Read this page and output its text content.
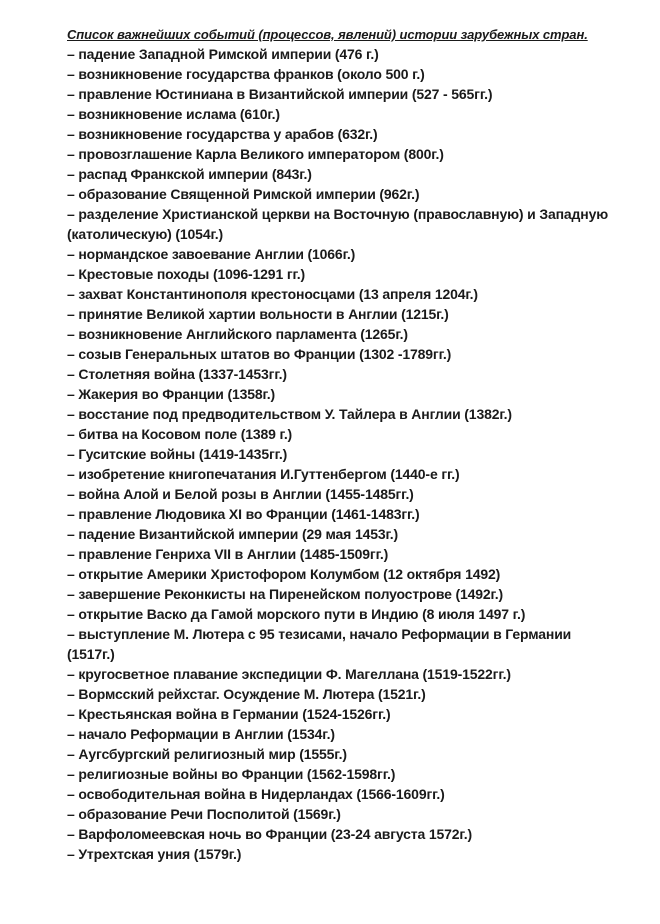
Список важнейших событий (процессов, явлений) истории зарубежных стран.
– падение Западной Римской империи (476 г.)
– возникновение государства франков (около 500 г.)
– правление Юстиниана в Византийской империи (527 - 565гг.)
– возникновение ислама (610г.)
– возникновение государства у арабов (632г.)
– провозглашение Карла Великого императором (800г.)
– распад Франкской империи (843г.)
– образование Священной Римской империи (962г.)
– разделение Христианской церкви на Восточную (православную) и Западную
(католическую) (1054г.)
– нормандское завоевание Англии (1066г.)
– Крестовые походы (1096-1291 гг.)
– захват Константинополя крестоносцами (13 апреля 1204г.)
– принятие Великой хартии вольности в Англии (1215г.)
– возникновение Английского парламента (1265г.)
– созыв Генеральных штатов во Франции (1302 -1789гг.)
– Столетняя война (1337-1453гг.)
– Жакерия во Франции (1358г.)
– восстание под предводительством У. Тайлера в Англии (1382г.)
– битва на Косовом поле (1389 г.)
– Гуситские войны (1419-1435гг.)
– изобретение книгопечатания И.Гуттенбергом (1440-е гг.)
– война Алой и Белой розы в Англии (1455-1485гг.)
– правление Людовика XI во Франции (1461-1483гг.)
– падение Византийской империи (29 мая 1453г.)
– правление Генриха VII в Англии (1485-1509гг.)
– открытие Америки Христофором Колумбом (12 октября 1492)
– завершение Реконкисты на Пиренейском полуострове (1492г.)
– открытие Васко да Гамой морского пути в Индию (8 июля 1497 г.)
– выступление М. Лютера с 95 тезисами, начало Реформации в Германии
(1517г.)
– кругосветное плавание экспедиции Ф. Магеллана (1519-1522гг.)
– Вормсский рейхстаг. Осуждение М. Лютера (1521г.)
– Крестьянская война в Германии (1524-1526гг.)
– начало Реформации в Англии (1534г.)
– Аугсбургский религиозный мир (1555г.)
– религиозные войны во Франции (1562-1598гг.)
– освободительная война в Нидерландах (1566-1609гг.)
– образование Речи Посполитой (1569г.)
– Варфоломеевская ночь во Франции (23-24 августа 1572г.)
– Утрехтская уния (1579г.)
